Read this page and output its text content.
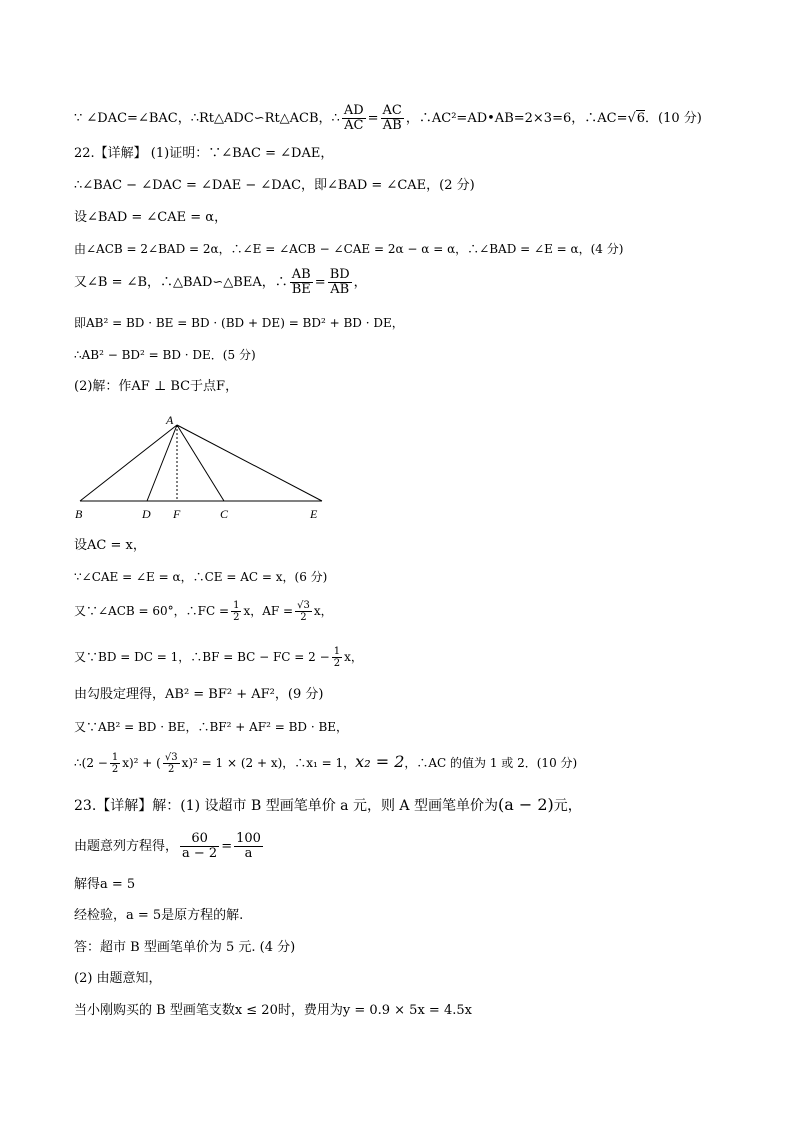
∵ ∠DAC=∠BAC，∴Rt△ADC∽Rt△ACB，∴ $\frac{AD}{AC} = \frac{AC}{AB}$ ，∴AC²=AD•AB=2×3=6，∴AC=√6．(10 分)
22.【详解】 (1)证明：∵∠BAC = ∠DAE，
∴∠BAC − ∠DAC = ∠DAE − ∠DAC，即∠BAD = ∠CAE，(2 分)
设∠BAD = ∠CAE = α，
由∠ACB = 2∠BAD = 2α，∴∠E = ∠ACB − ∠CAE = 2α − α = α，∴∠BAD = ∠E = α，(4 分)
又∠B = ∠B，∴△BAD∽△BEA，∴ $\frac{AB}{BE} = \frac{BD}{AB}$ ，
即AB² = BD · BE = BD · (BD + DE) = BD² + BD · DE，
∴AB² − BD² = BD · DE．(5 分)
(2)解：作AF ⊥ BC于点F，
A
B	D F	C	E
设AC = x，
∵∠CAE = ∠E = α，∴CE = AC = x，(6 分)
又∵∠ACB = 60°，∴FC = $\frac{1}{2}$ x，AF = $\frac{√3}{2}$ x，
又∵BD = DC = 1，∴BF = BC − FC = $2 - \frac{1}{2}$ x，
由勾股定理得，AB² = BF² + AF²，(9 分)
又∵AB² = BD · BE，∴BF² + AF² = BD · BE，
∴(2 − $\frac{1}{2} x)^2$ + ( $\frac{√3}{2} x)^2 = 1 \times (2 + x)$，∴x₁ = 1，x₂ = 2，∴AC 的值为 1 或 2．(10 分)
23.【详解】解：(1) 设超市 B 型画笔单价 a 元，则 A 型画笔单价为(a − 2)元，
由题意列方程得， $\frac{60}{a - 2} = \frac{100}{a}$
解得a = 5
经检验，a = 5是原方程的解.
答：超市 B 型画笔单价为 5 元. (4 分)
(2) 由题意知，
当小刚购买的 B 型画笔支数x ≤ 20时，费用为y = 0.9 × 5x = 4.5x
